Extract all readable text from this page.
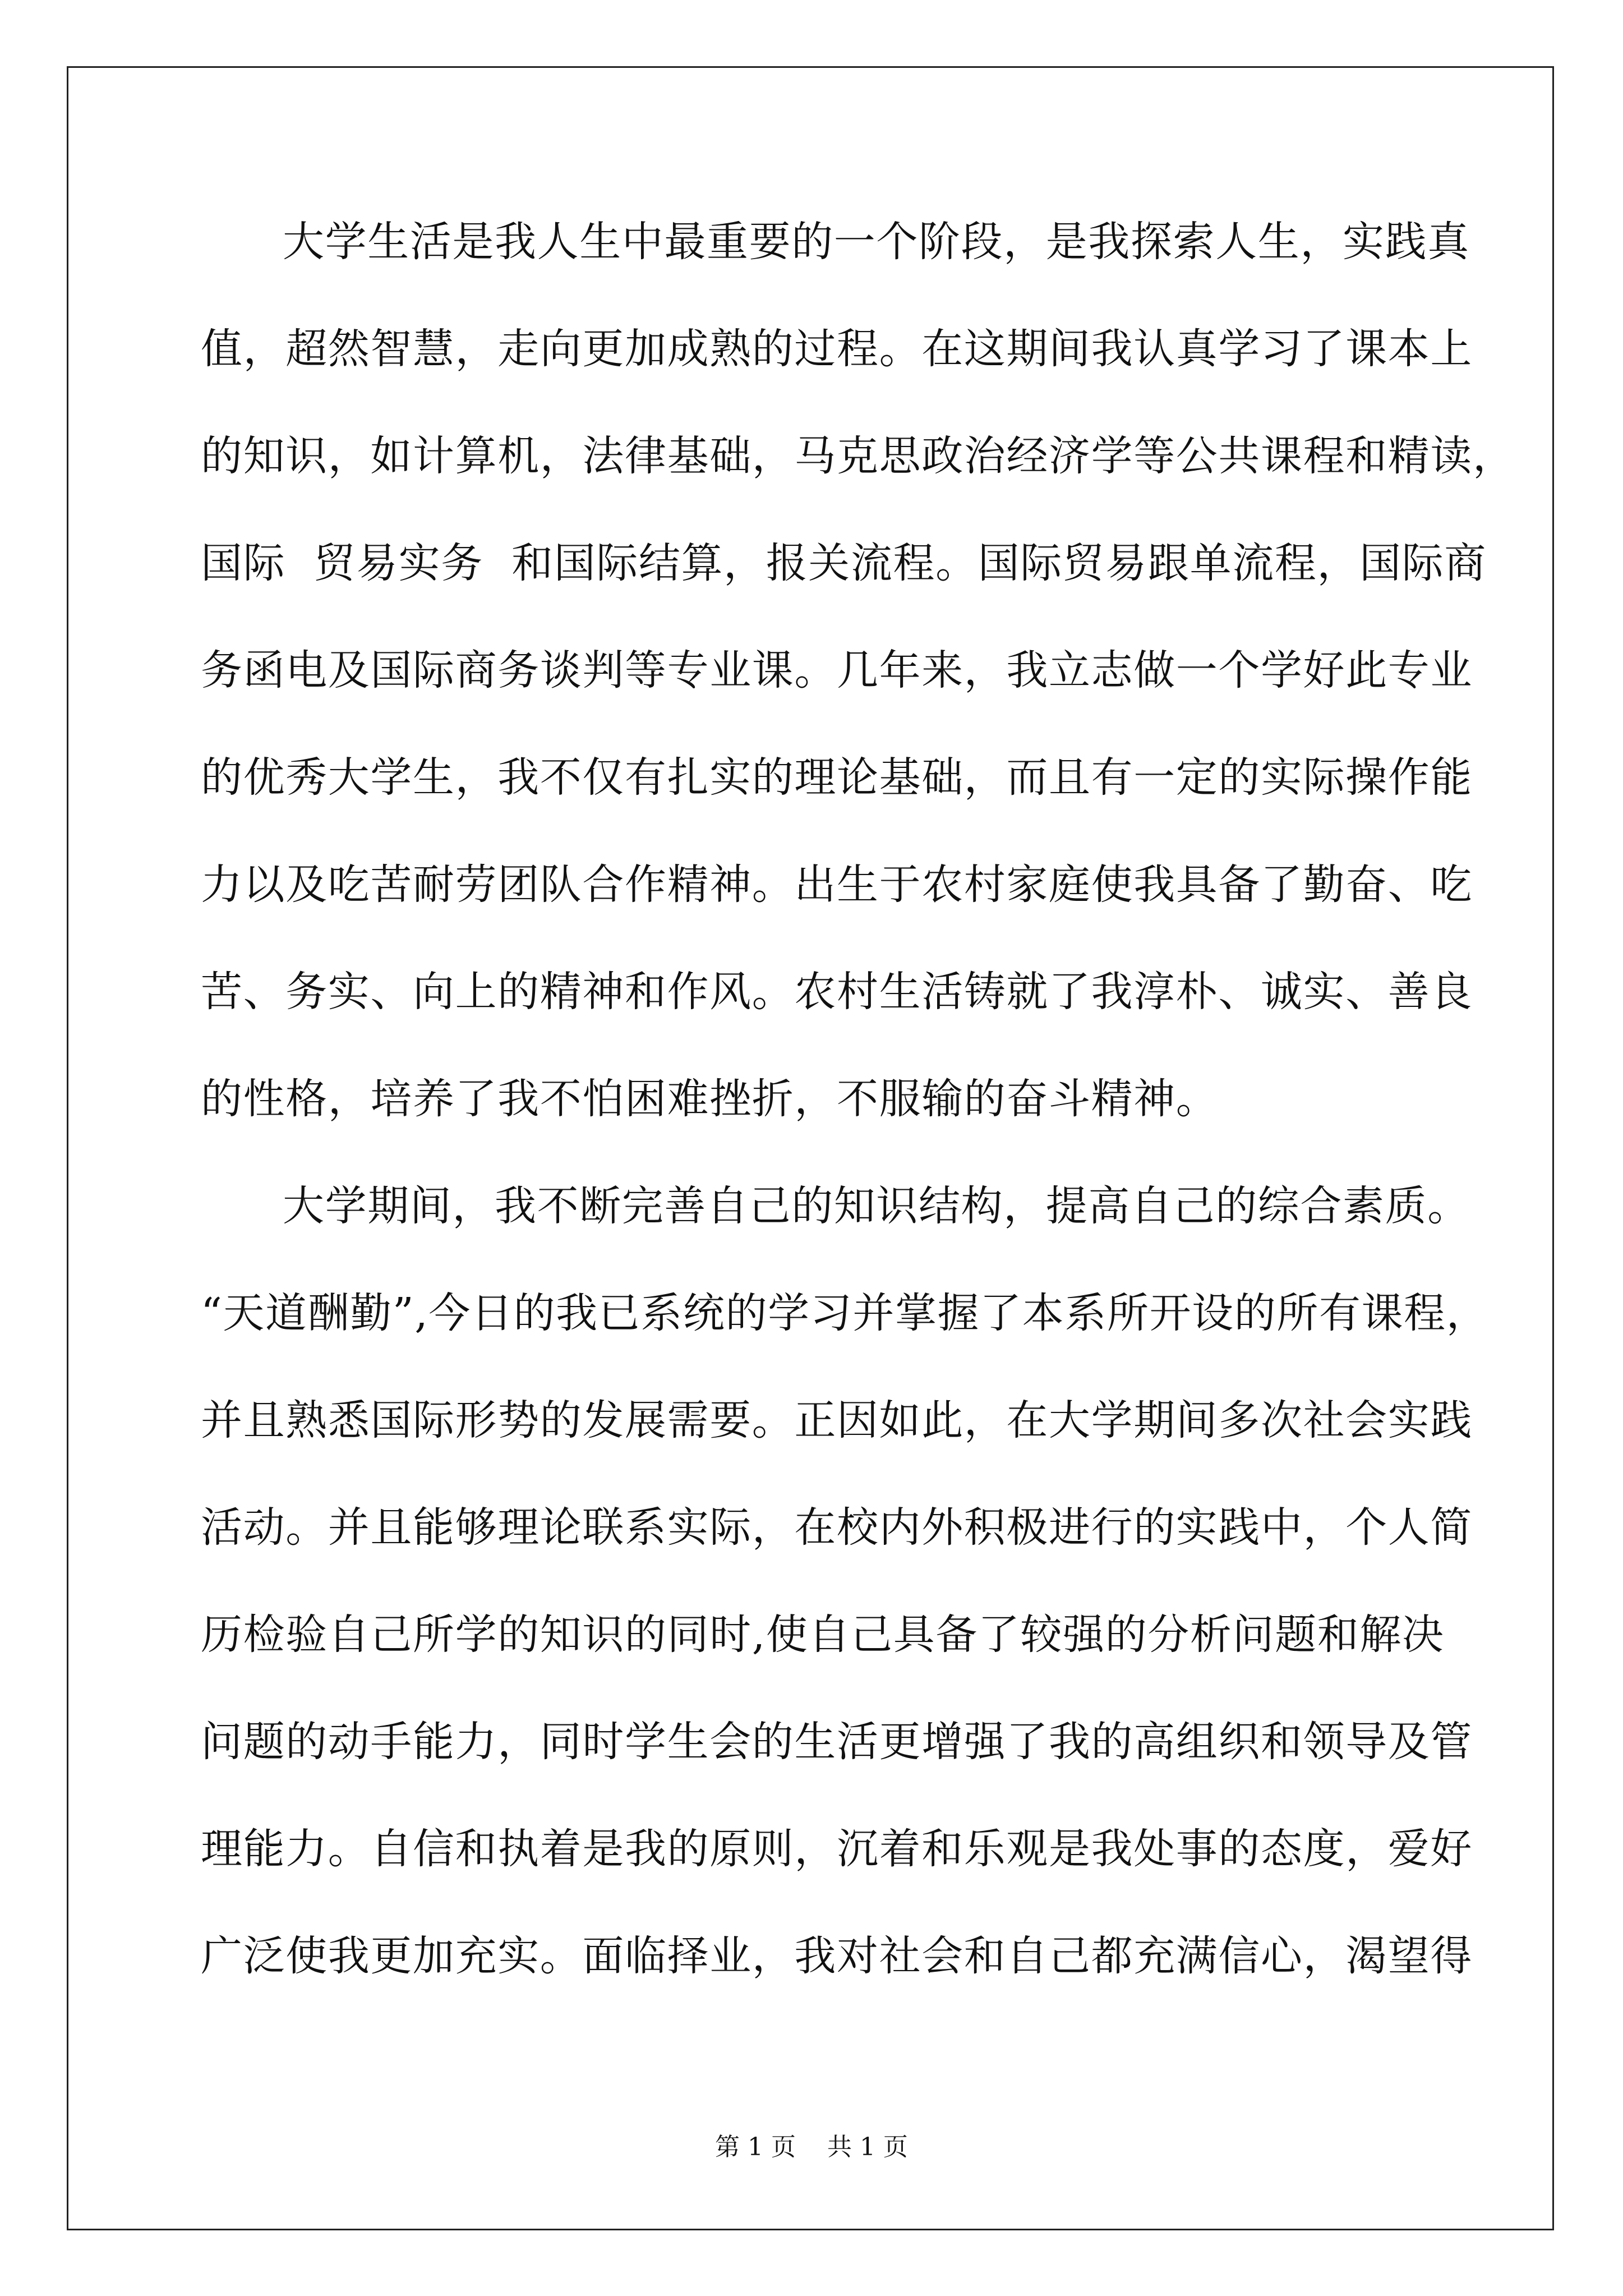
大学生活是我人生中最重要的一个阶段，是我探索人生，实践真
值，超然智慧，走向更加成熟的过程。在这期间我认真学习了课本上
的知识，如计算机，法律基础，马克思政治经济学等公共课程和精读，
国际  贸易实务  和国际结算，报关流程。国际贸易跟单流程，国际商
务函电及国际商务谈判等专业课。几年来，我立志做一个学好此专业
的优秀大学生，我不仅有扎实的理论基础，而且有一定的实际操作能
力以及吃苦耐劳团队合作精神。出生于农村家庭使我具备了勤奋、吃
苦、务实、向上的精神和作风。农村生活铸就了我淳朴、诚实、善良
的性格，培养了我不怕困难挫折，不服输的奋斗精神。
大学期间，我不断完善自己的知识结构，提高自己的综合素质。
“天道酬勤”,今日的我已系统的学习并掌握了本系所开设的所有课程，
并且熟悉国际形势的发展需要。正因如此，在大学期间多次社会实践
活动。并且能够理论联系实际，在校内外积极进行的实践中，个人简
历检验自己所学的知识的同时,使自己具备了较强的分析问题和解决
问题的动手能力，同时学生会的生活更增强了我的高组织和领导及管
理能力。自信和执着是我的原则，沉着和乐观是我处事的态度，爱好
广泛使我更加充实。面临择业，我对社会和自己都充满信心，渴望得
第 1 页    共 1 页
